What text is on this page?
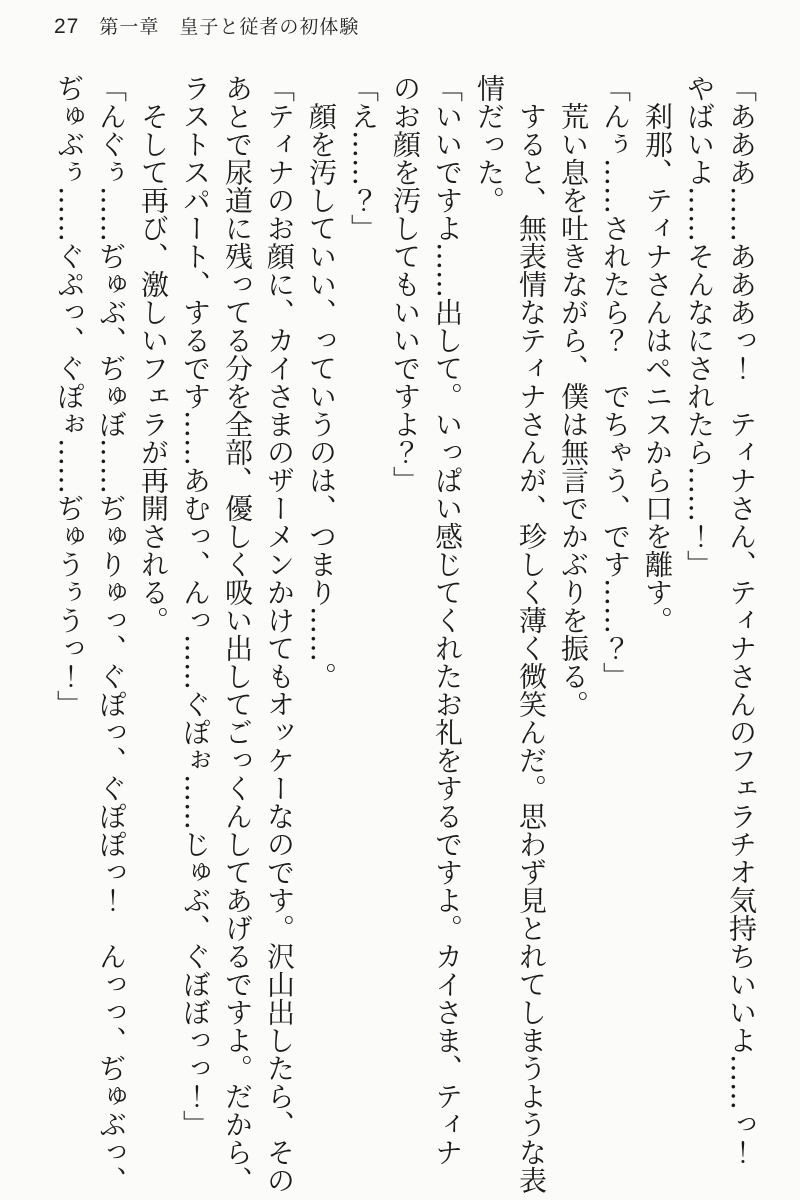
27 第一章　皇子と従者の初体験

「あああ……あああっ！　ティナさん、ティナさんのフェラチオ気持ちいいよ……っ！

やばいよ……そんなにされたら……！」

　刹那、ティナさんはペニスから口を離す。

「んぅ……されたら？　でちゃう、です……？」

　荒い息を吐きながら、僕は無言でかぶりを振る。

　すると、無表情なティナさんが、珍しく薄く微笑んだ。思わず見とれてしまうような表

情だった。

「いいですよ……出して。いっぱい感じてくれたお礼をするですよ。カイさま、ティナ

のお顔を汚してもいいですよ？」

「え……？」

　顔を汚していい、っていうのは、つまり……。

「ティナのお顔に、カイさまのザーメンかけてもオッケーなのです。沢山出したら、その

あとで尿道に残ってる分を全部、優しく吸い出してごっくんしてあげるですよ。だから、

ラストスパート、するです……あむっ、んっ……ぐぽぉ……じゅぶ、ぐぼぼっっ！」

　そして再び、激しいフェラが再開される。

「んぐぅ……ぢゅぶ、ぢゅぼ……ぢゅりゅっ、ぐぽっ、ぐぽぽっ！　んっっ、ぢゅぶっ、

ぢゅぶぅ……ぐぷっ、ぐぽぉ……ぢゅうぅうっ！」
